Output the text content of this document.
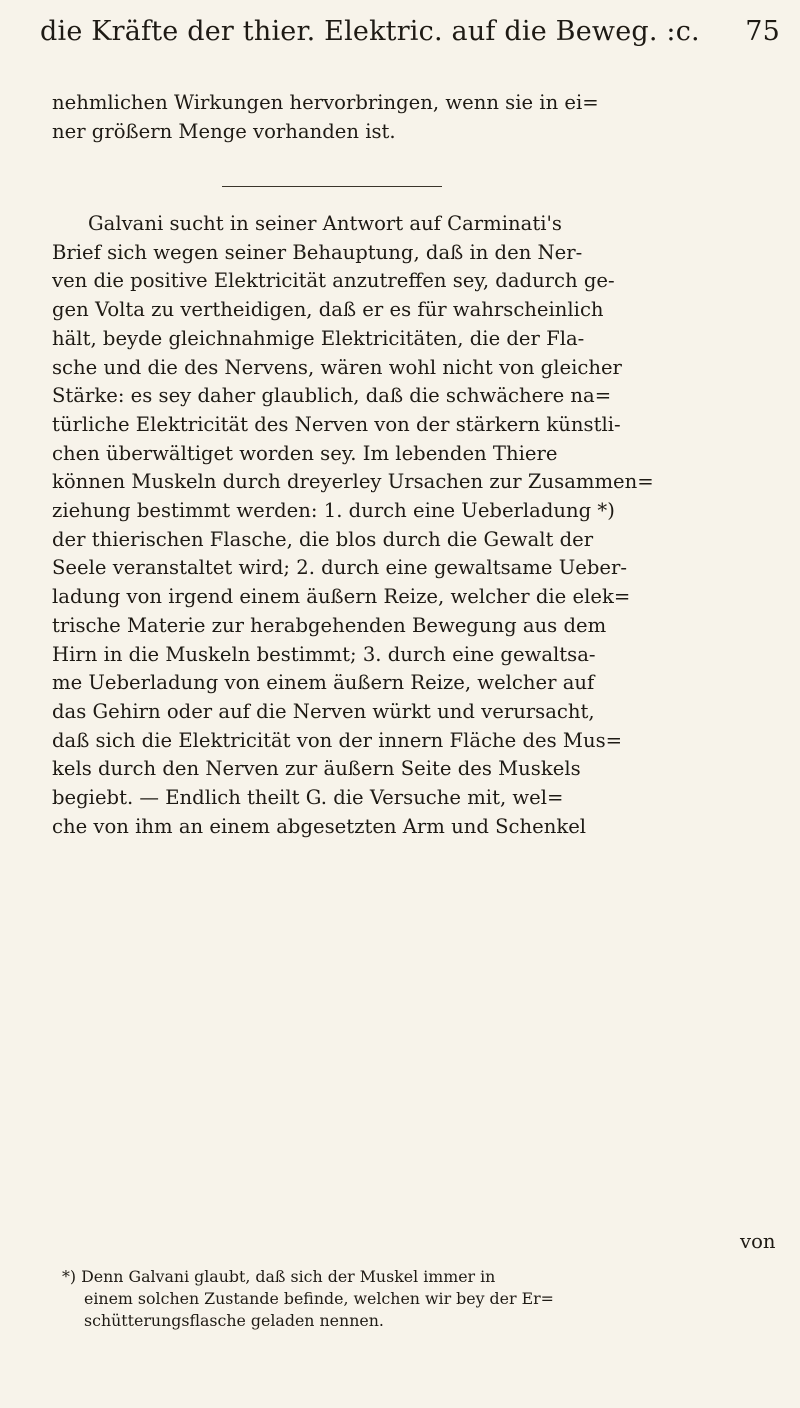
die Kräfte der thier. Elektric. auf die Beweg. :c. 75
nehmlichen Wirkungen hervorbringen, wenn sie in ei=
ner größern Menge vorhanden ist.
Galvani sucht in seiner Antwort auf Carminati's
Brief sich wegen seiner Behauptung, daß in den Ner-
ven die positive Elektricität anzutreffen sey, dadurch ge-
gen Volta zu vertheidigen, daß er es für wahrscheinlich
hält, beyde gleichnahmige Elektricitäten, die der Fla-
sche und die des Nervens, wären wohl nicht von gleicher
Stärke: es sey daher glaublich, daß die schwächere na=
türliche Elektricität des Nerven von der stärkern künstli-
chen überwältiget worden sey. Im lebenden Thiere
können Muskeln durch dreyerley Ursachen zur Zusammen=
ziehung bestimmt werden: 1. durch eine Ueberladung *)
der thierischen Flasche, die blos durch die Gewalt der
Seele veranstaltet wird; 2. durch eine gewaltsame Ueber-
ladung von irgend einem äußern Reize, welcher die elek=
trische Materie zur herabgehenden Bewegung aus dem
Hirn in die Muskeln bestimmt; 3. durch eine gewaltsa-
me Ueberladung von einem äußern Reize, welcher auf
das Gehirn oder auf die Nerven würkt und verursacht,
daß sich die Elektricität von der innern Fläche des Mus=
kels durch den Nerven zur äußern Seite des Muskels
begiebt. — Endlich theilt G. die Versuche mit, wel=
che von ihm an einem abgesetzten Arm und Schenkel
von
*) Denn Galvani glaubt, daß sich der Muskel immer in
einem solchen Zustande befinde, welchen wir bey der Er=
schütterungsflasche geladen nennen.
